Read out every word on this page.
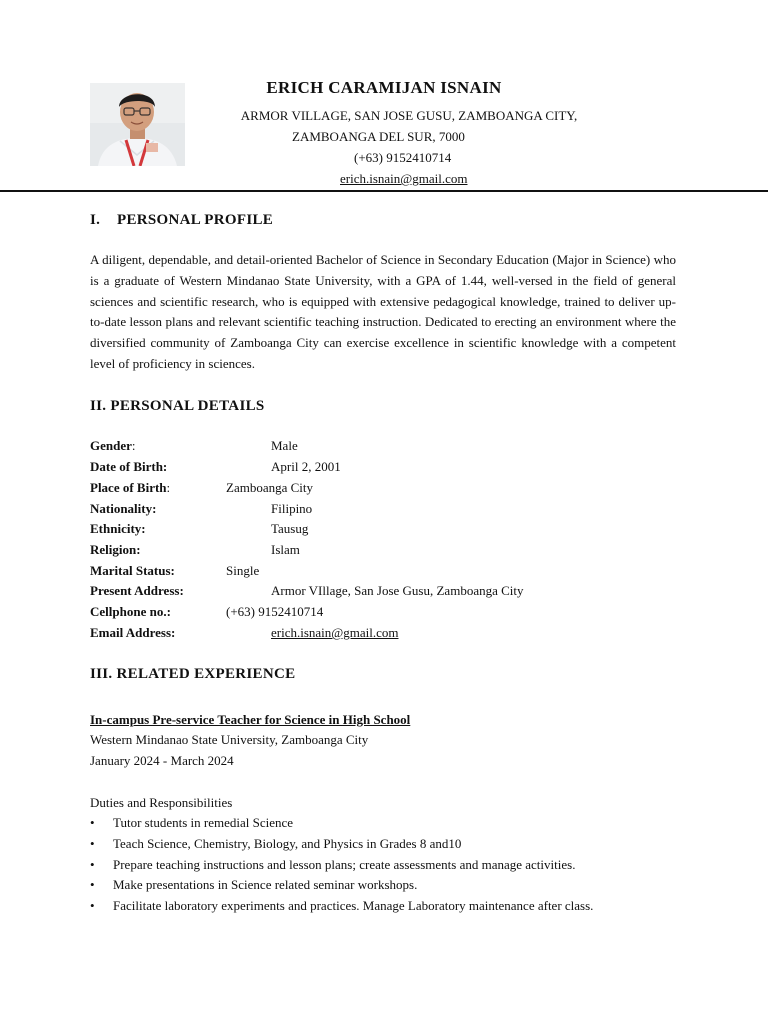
ERICH CARAMIJAN ISNAIN
ARMOR VILLAGE, SAN JOSE GUSU, ZAMBOANGA CITY,
ZAMBOANGA DEL SUR, 7000
(+63) 9152410714
erich.isnain@gmail.com
I. PERSONAL PROFILE
A diligent, dependable, and detail-oriented Bachelor of Science in Secondary Education (Major in Science) who is a graduate of Western Mindanao State University, with a GPA of 1.44, well-versed in the field of general sciences and scientific research, who is equipped with extensive pedagogical knowledge, trained to deliver up-to-date lesson plans and relevant scientific teaching instruction. Dedicated to erecting an environment where the diversified community of Zamboanga City can exercise excellence in scientific knowledge with a competent level of proficiency in sciences.
II. PERSONAL DETAILS
Gender:	Male
Date of Birth:	April 2, 2001
Place of Birth:	Zamboanga City
Nationality:	Filipino
Ethnicity:	Tausug
Religion:	Islam
Marital Status:	Single
Present Address:	Armor VIllage, San Jose Gusu, Zamboanga City
Cellphone no.:	(+63) 9152410714
Email Address:	erich.isnain@gmail.com
III. RELATED EXPERIENCE
In-campus Pre-service Teacher for Science in High School
Western Mindanao State University, Zamboanga City
January 2024 - March 2024
Duties and Responsibilities
• Tutor students in remedial Science
• Teach Science, Chemistry, Biology, and Physics in Grades 8 and10
• Prepare teaching instructions and lesson plans; create assessments and manage activities.
• Make presentations in Science related seminar workshops.
• Facilitate laboratory experiments and practices. Manage Laboratory maintenance after class.
